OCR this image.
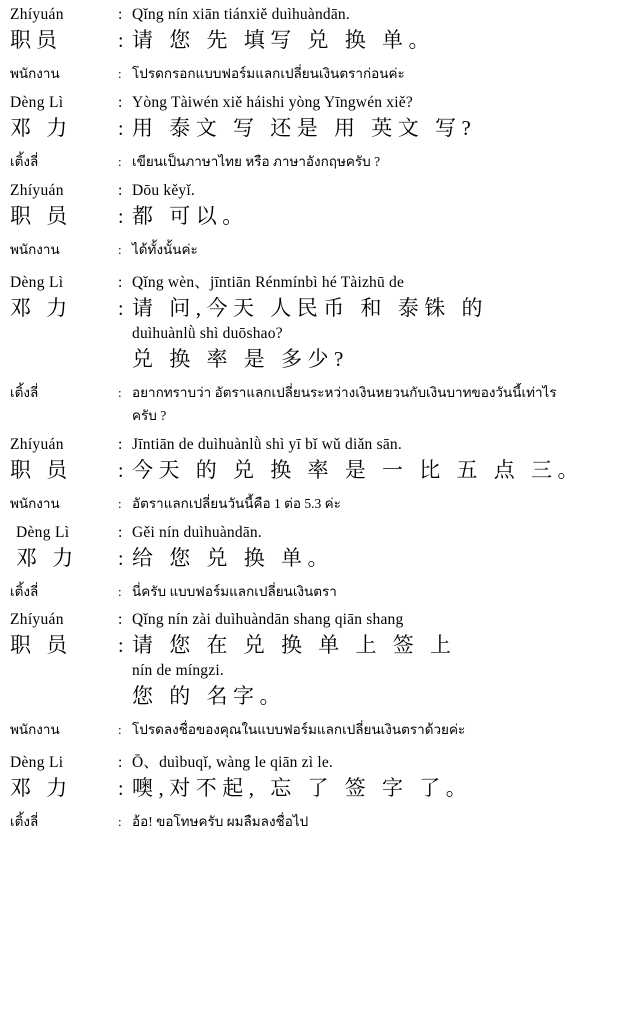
Zhíyuán	: Qǐng nín xiān tiánxiě duìhuàndān.
职员	: 请 您 先 填写 兑 换 单。
พนักงาน	: โปรดกรอกแบบฟอร์มแลกเปลี่ยนเงินตราก่อนค่ะ
Dèng Lì	: Yòng Tàiwén xiě háishi yòng Yīngwén xiě?
邓 力	: 用 泰文 写 还是 用 英文 写?
เติ้งลี่	: เขียนเป็นภาษาไทย หรือ ภาษาอังกฤษครับ ?
Zhíyuán	: Dōu kěyǐ.
职 员	: 都 可以。
พนักงาน	: ได้ทั้งนั้นค่ะ
Dèng Lì	: Qǐng wèn、jīntiān Rénmínbì hé Tàizhū de
邓 力	: 请 问,今天 人民币 和 泰铢 的
duìhuànlǜ shì duōshao?
兑 换 率 是 多少?
เติ้งลี่	: อยากทราบว่า อัตราแลกเปลี่ยนระหว่างเงินหยวนกับเงินบาทของวันนี้เท่าไร
ครับ ?
Zhíyuán	: Jīntiān de duìhuànlǜ shì yī bǐ wǔ diǎn sān.
职 员	: 今天 的 兑 换 率 是 一 比 五 点 三。
พนักงาน	: อัตราแลกเปลี่ยนวันนี้คือ 1 ต่อ 5.3 ค่ะ
Dèng Lì	: Gěi nín duìhuàndān.
邓 力	: 给 您 兑 换 单。
เติ้งลี่	: นี่ครับ แบบฟอร์มแลกเปลี่ยนเงินตรา
Zhíyuán	: Qǐng nín zài duìhuàndān shang qiān shang
职 员	: 请 您 在 兑 换 单 上 签 上
nín de míngzi.
您 的 名字。
พนักงาน	: โปรดลงชื่อของคุณในแบบฟอร์มแลกเปลี่ยนเงินตราด้วยค่ะ
Dèng Li	: Ō、duìbuqǐ, wàng le qiān zì le.
邓 力	: 噢,对不起, 忘 了 签 字 了。
เติ้งลี่	: อ้อ! ขอโทษครับ ผมลืมลงชื่อไป
